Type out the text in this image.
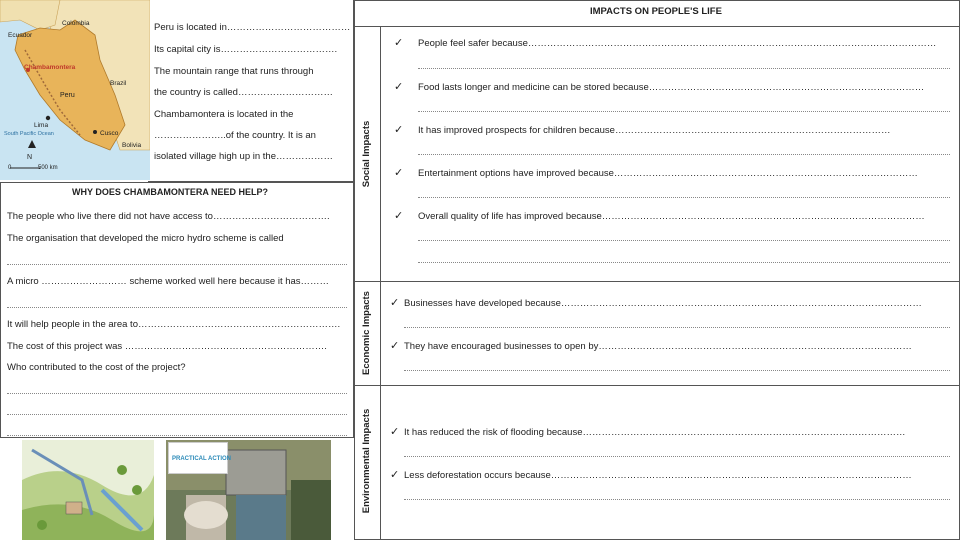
Ecuador
Colombia
Brazil
Chambamontera
Peru
Lima
Cusco
South Pacific Ocean
Bolivia
N
0	500 km
Peru is located in…………………………………
Its capital city is……………………………….
The mountain range that runs through
the country is called…………………………
Chambamontera is located in the
…………………..of the country. It is an
isolated village high up in the………………
WHY DOES CHAMBAMONTERA NEED HELP?
The people who live there did not have access to……………………………….
The organisation that developed the micro hydro scheme is called
A micro ……………………… scheme worked well here because it has………
It will help people in the area to……………………………………………………….
The cost of this project was ……………………………………………………….
Who contributed to the cost of the project?
PRACTICAL ACTION
IMPACTS ON PEOPLE'S LIFE
Social Impacts
Economic Impacts
Environmental Impacts
✓ People feel safer because…………………………………………………………………………………………………………………
✓ Food lasts longer and medicine can be stored because……………………………………………………………………………
✓ It has improved prospects for children because……………………………………………………………………………
✓ Entertainment options have improved because……………………………………………………………………………………
✓ Overall quality of life has improved because…………………………………………………………………………………………
✓ Businesses have developed because……………………………………………………………………………………………………
✓ They have encouraged businesses to open by………………………………………………………………………………………
✓ It has reduced the risk of flooding because…………………………………………………………………………………………
✓ Less deforestation occurs because……………………………………………………………………………………………………
